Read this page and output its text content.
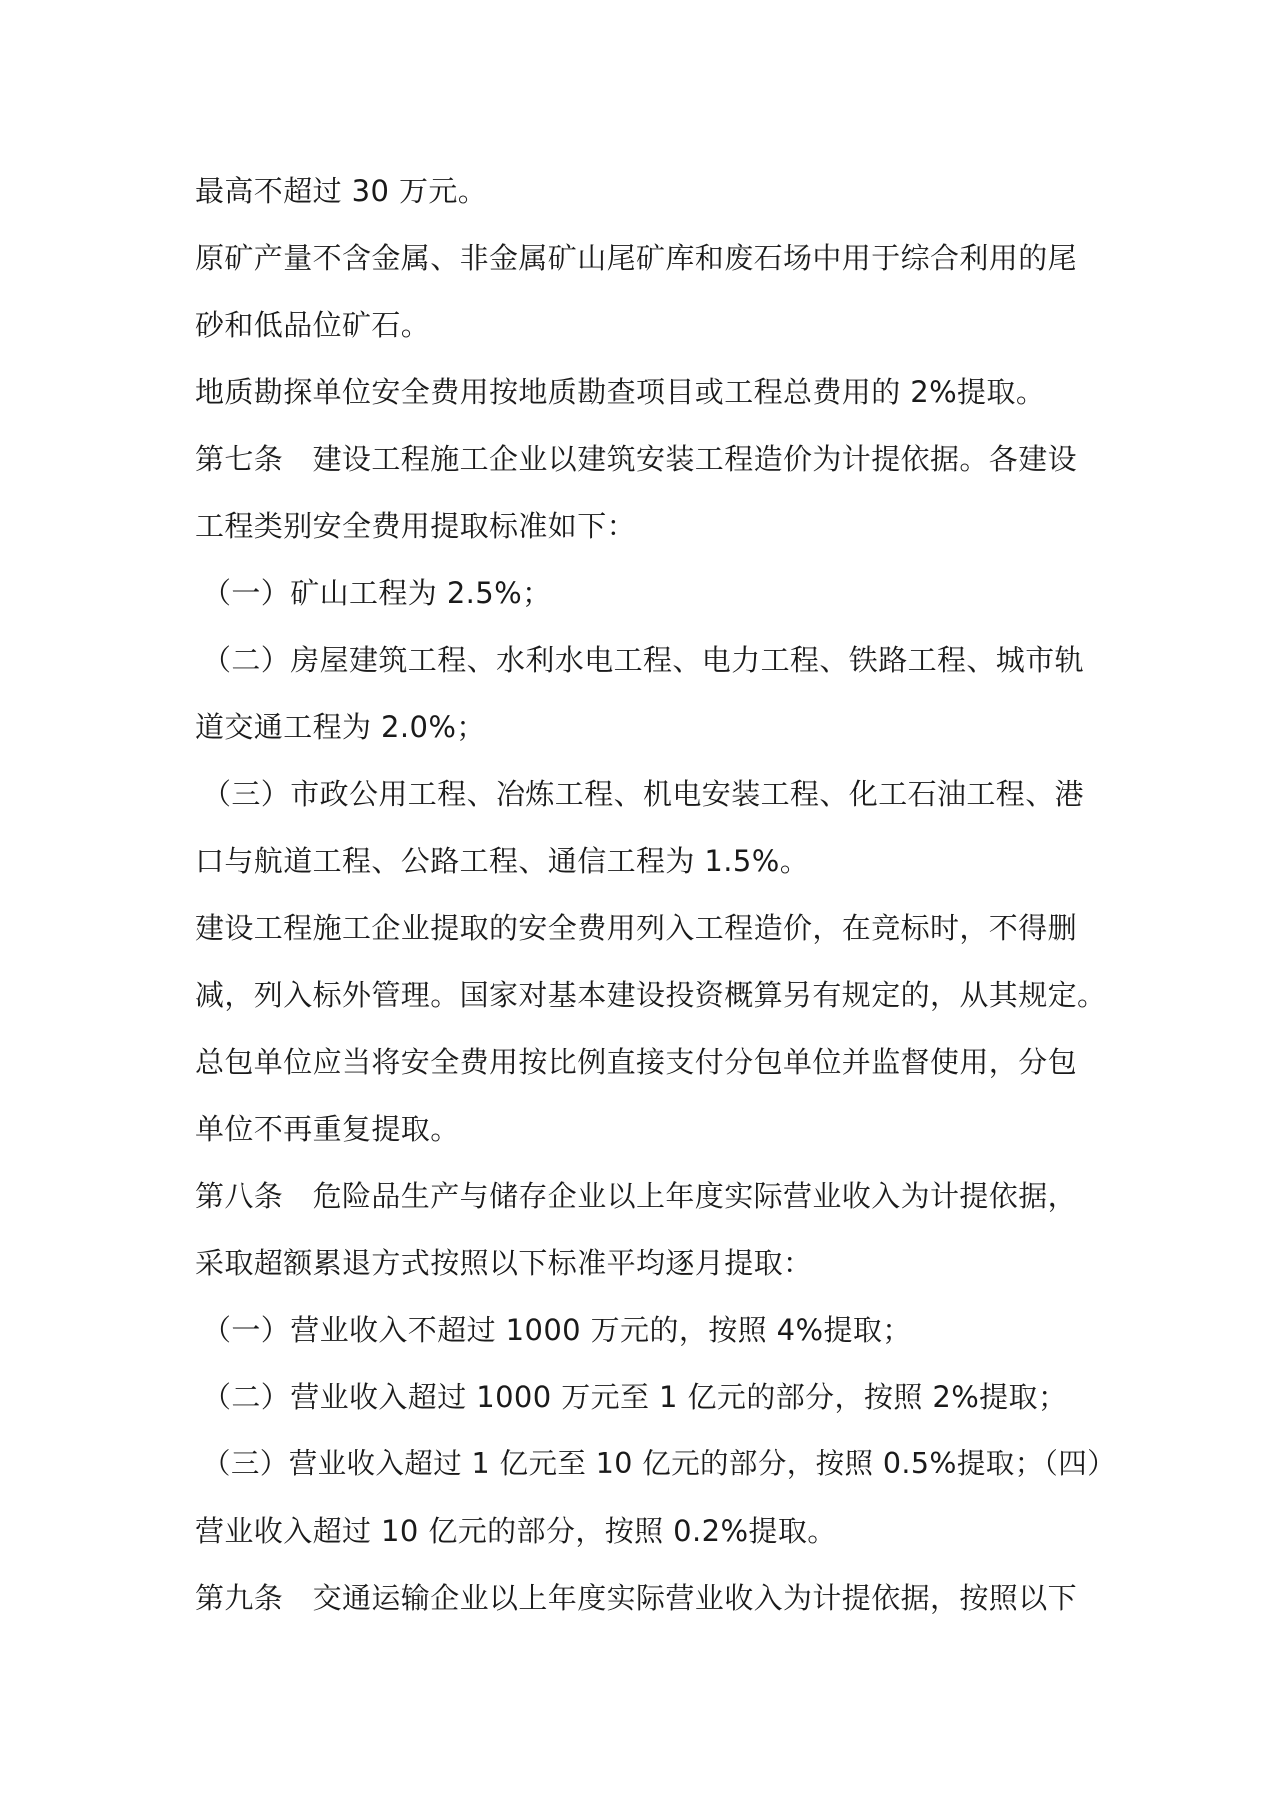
最高不超过 30 万元。
原矿产量不含金属、非金属矿山尾矿库和废石场中用于综合利用的尾
砂和低品位矿石。
地质勘探单位安全费用按地质勘查项目或工程总费用的 2%提取。
第七条　建设工程施工企业以建筑安装工程造价为计提依据。各建设
工程类别安全费用提取标准如下：
（一）矿山工程为 2.5%；
（二）房屋建筑工程、水利水电工程、电力工程、铁路工程、城市轨
道交通工程为 2.0%；
（三）市政公用工程、冶炼工程、机电安装工程、化工石油工程、港
口与航道工程、公路工程、通信工程为 1.5%。
建设工程施工企业提取的安全费用列入工程造价，在竞标时，不得删
减，列入标外管理。国家对基本建设投资概算另有规定的，从其规定。
总包单位应当将安全费用按比例直接支付分包单位并监督使用，分包
单位不再重复提取。
第八条　危险品生产与储存企业以上年度实际营业收入为计提依据，
采取超额累退方式按照以下标准平均逐月提取：
（一）营业收入不超过 1000 万元的，按照 4%提取；
（二）营业收入超过 1000 万元至 1 亿元的部分，按照 2%提取；
（三）营业收入超过 1 亿元至 10 亿元的部分，按照 0.5%提取；（四）
营业收入超过 10 亿元的部分，按照 0.2%提取。
第九条　交通运输企业以上年度实际营业收入为计提依据，按照以下
